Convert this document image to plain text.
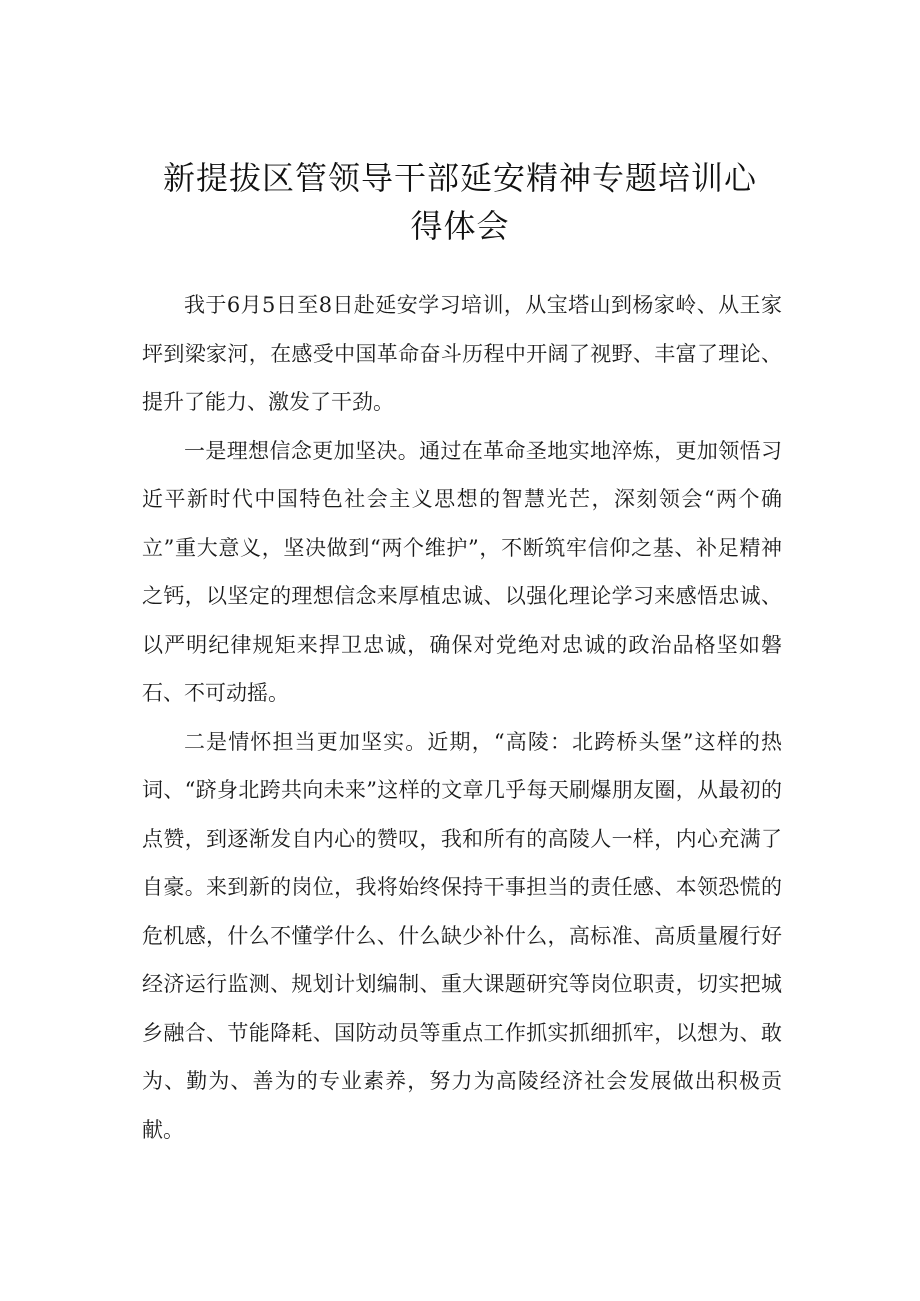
新提拔区管领导干部延安精神专题培训心
得体会

我于6月5日至8日赴延安学习培训，从宝塔山到杨家岭、从王家坪到梁家河，在感受中国革命奋斗历程中开阔了视野、丰富了理论、提升了能力、激发了干劲。

一是理想信念更加坚决。通过在革命圣地实地淬炼，更加领悟习近平新时代中国特色社会主义思想的智慧光芒，深刻领会“两个确立”重大意义，坚决做到“两个维护”，不断筑牢信仰之基、补足精神之钙，以坚定的理想信念来厚植忠诚、以强化理论学习来感悟忠诚、以严明纪律规矩来捍卫忠诚，确保对党绝对忠诚的政治品格坚如磐石、不可动摇。

二是情怀担当更加坚实。近期，“高陵：北跨桥头堡”这样的热词、“跻身北跨共向未来”这样的文章几乎每天刷爆朋友圈，从最初的点赞，到逐渐发自内心的赞叹，我和所有的高陵人一样，内心充满了自豪。来到新的岗位，我将始终保持干事担当的责任感、本领恐慌的危机感，什么不懂学什么、什么缺少补什么，高标准、高质量履行好经济运行监测、规划计划编制、重大课题研究等岗位职责，切实把城乡融合、节能降耗、国防动员等重点工作抓实抓细抓牢，以想为、敢为、勤为、善为的专业素养，努力为高陵经济社会发展做出积极贡献。
